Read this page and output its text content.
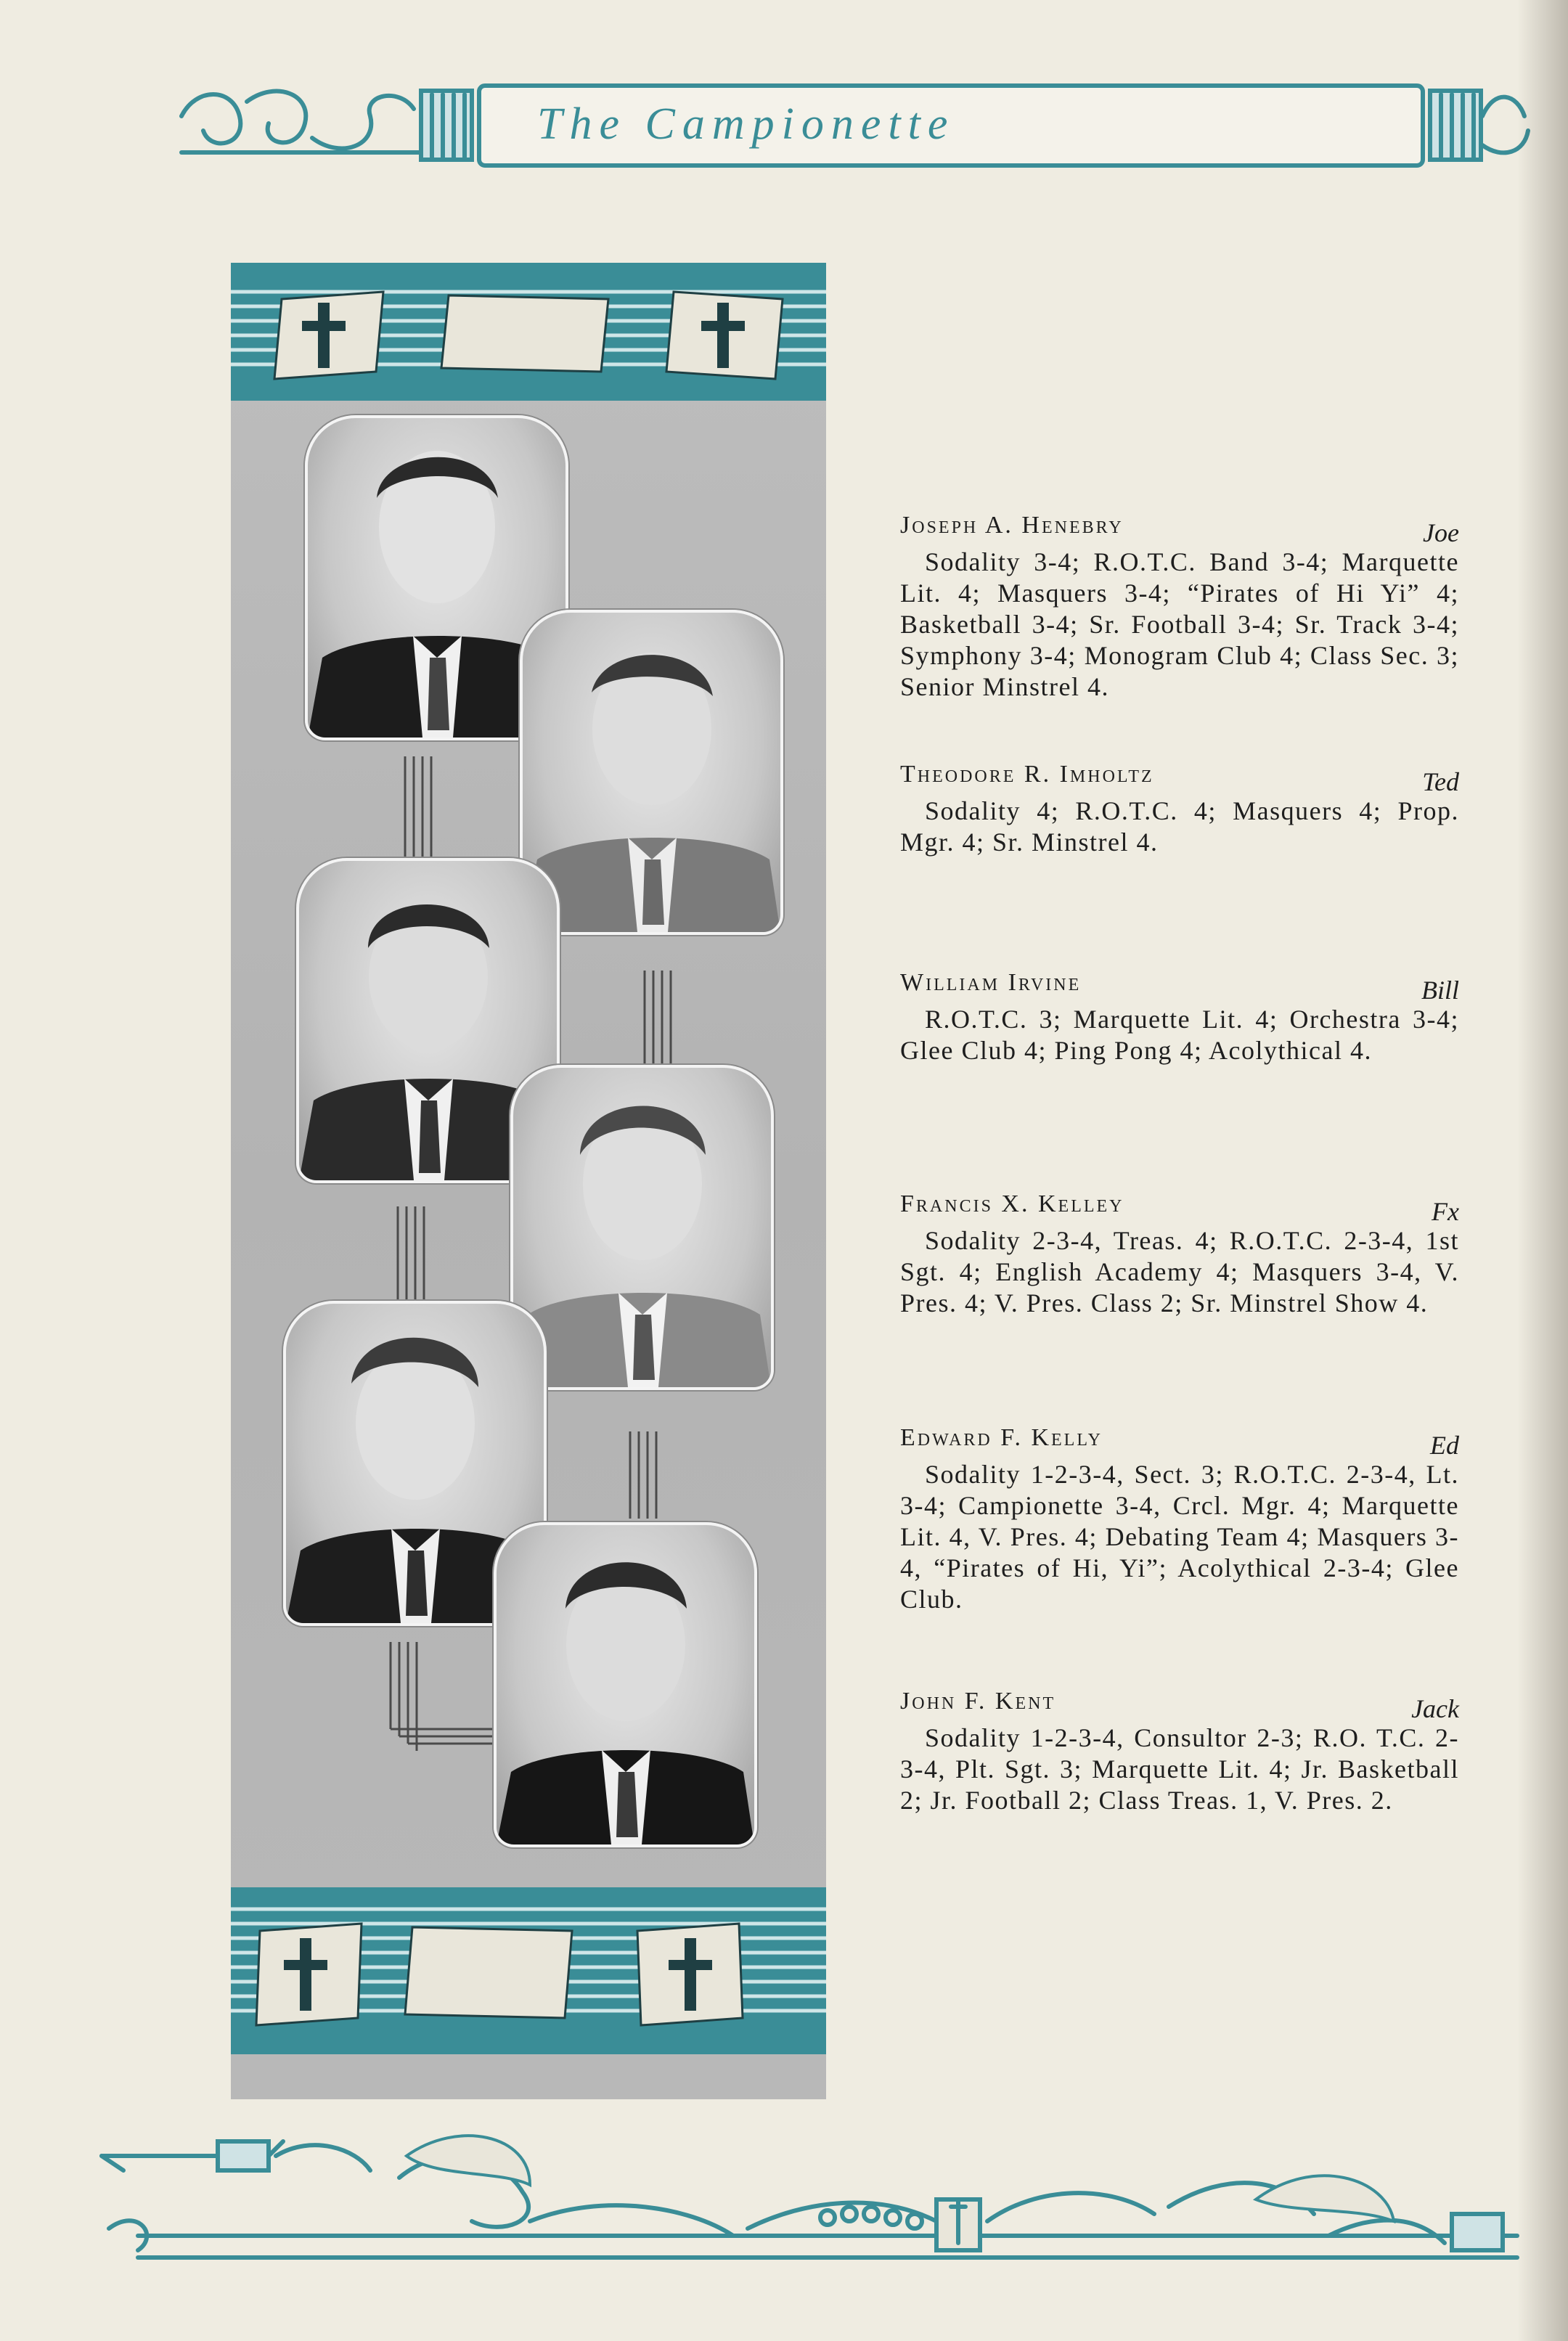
The Campionette
Joseph A. Henebry	Joe
Sodality 3-4; R.O.T.C. Band 3-4; Marquette Lit. 4; Masquers 3-4; “Pirates of Hi Yi” 4; Basketball 3-4; Sr. Football 3-4; Sr. Track 3-4; Symphony 3-4; Monogram Club 4; Class Sec. 3; Senior Minstrel 4.
Theodore R. Imholtz	Ted
Sodality 4; R.O.T.C. 4; Masquers 4; Prop. Mgr. 4; Sr. Minstrel 4.
William Irvine	Bill
R.O.T.C. 3; Marquette Lit. 4; Orchestra 3-4; Glee Club 4; Ping Pong 4; Acolythical 4.
Francis X. Kelley	Fx
Sodality 2-3-4, Treas. 4; R.O.T.C. 2-3-4, 1st Sgt. 4; English Academy 4; Masquers 3-4, V. Pres. 4; V. Pres. Class 2; Sr. Minstrel Show 4.
Edward F. Kelly	Ed
Sodality 1-2-3-4, Sect. 3; R.O.T.C. 2-3-4, Lt. 3-4; Campionette 3-4, Crcl. Mgr. 4; Marquette Lit. 4, V. Pres. 4; Debating Team 4; Masquers 3-4, “Pirates of Hi, Yi”; Acolythical 2-3-4; Glee Club.
John F. Kent	Jack
Sodality 1-2-3-4, Consultor 2-3; R.O. T.C. 2-3-4, Plt. Sgt. 3; Marquette Lit. 4; Jr. Basketball 2; Jr. Football 2; Class Treas. 1, V. Pres. 2.
